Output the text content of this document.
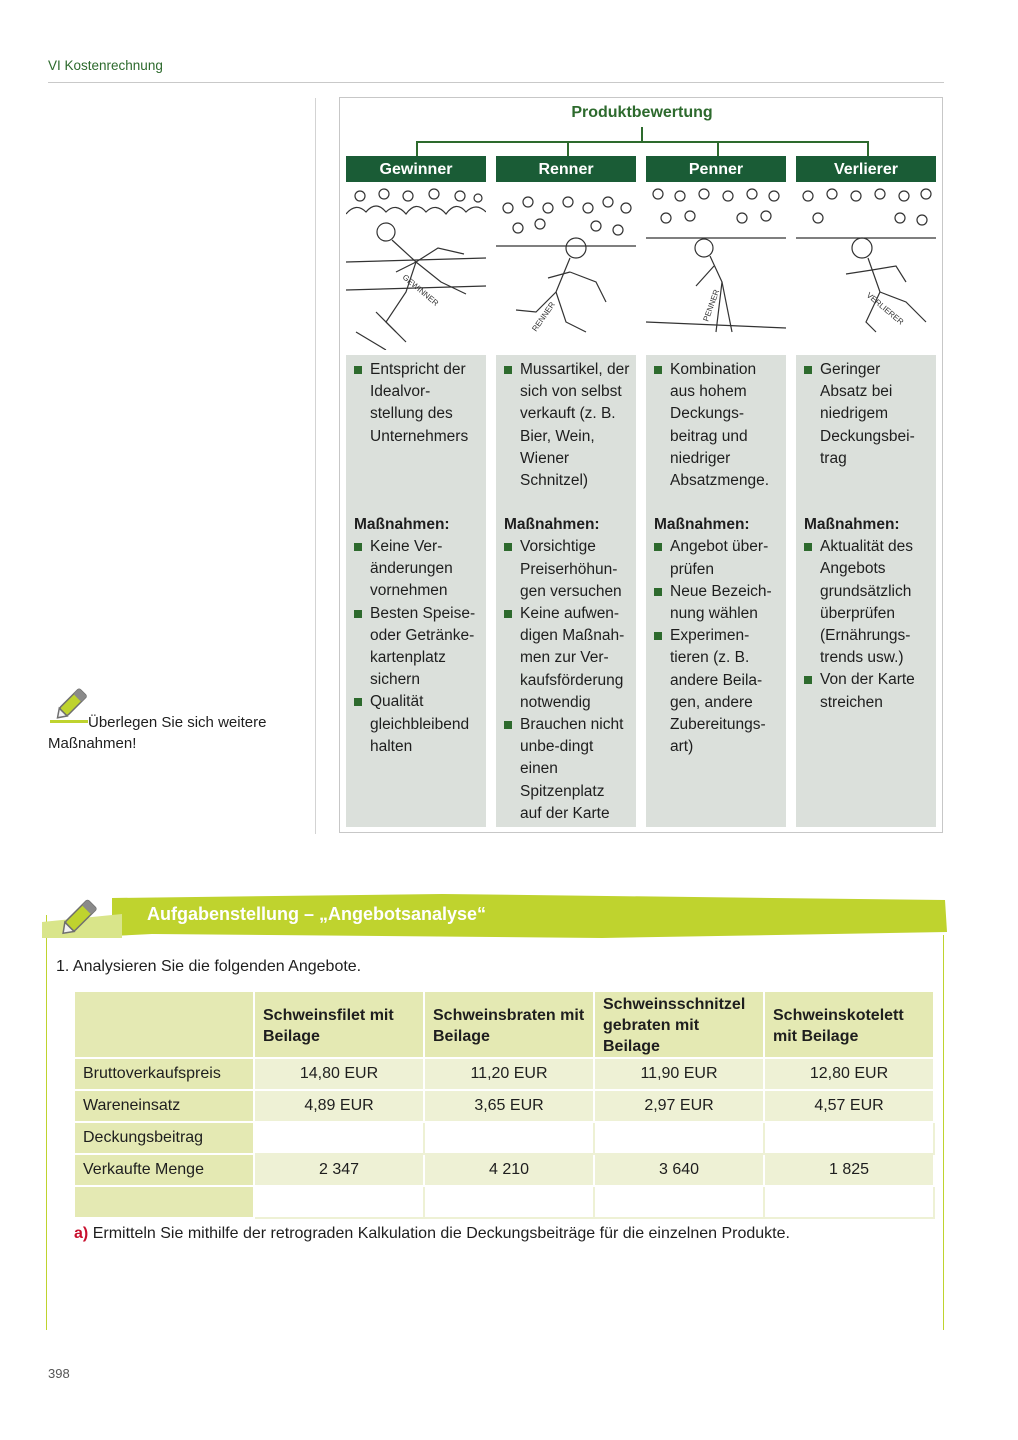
VI Kostenrechnung
Überlegen Sie sich weitere Maßnahmen!
Produktbewertung
Gewinner
GEWINNER
Entspricht der Idealvor-stellung des Unternehmers
Maßnahmen:
Keine Ver-änderungen vornehmen
Besten Speise- oder Getränke-kartenplatz sichern
Qualität gleichbleibend halten
Renner
RENNER
Mussartikel, der sich von selbst verkauft (z. B. Bier, Wein, Wiener Schnitzel)
Maßnahmen:
Vorsichtige Preiserhöhun-gen versuchen
Keine aufwen-digen Maßnah-men zur Ver-kaufsförderung notwendig
Brauchen nicht unbe-dingt einen Spitzenplatz auf der Karte
Penner
PENNER
Kombination aus hohem Deckungs-beitrag und niedriger Absatzmenge.
Maßnahmen:
Angebot über-prüfen
Neue Bezeich-nung wählen
Experimen-tieren (z. B. andere Beila-gen, andere Zubereitungs-art)
Verlierer
VERLIERER
Geringer Absatz bei niedrigem Deckungsbei-trag
Maßnahmen:
Aktualität des Angebots grundsätzlich überprüfen (Ernährungs-trends usw.)
Von der Karte streichen
Aufgabenstellung – „Angebotsanalyse“
1. Analysieren Sie die folgenden Angebote.
	Schweinsfilet mit Beilage	Schweinsbraten mit Beilage	Schweinsschnitzel gebraten mit Beilage	Schweinskotelett mit Beilage
Bruttoverkaufspreis	14,80 EUR	11,20 EUR	11,90 EUR	12,80 EUR
Wareneinsatz	4,89 EUR	3,65 EUR	2,97 EUR	4,57 EUR
Deckungsbeitrag				
Verkaufte Menge	2 347	4 210	3 640	1 825

a) Ermitteln Sie mithilfe der retrograden Kalkulation die Deckungsbeiträge für die einzelnen Produkte.
398
